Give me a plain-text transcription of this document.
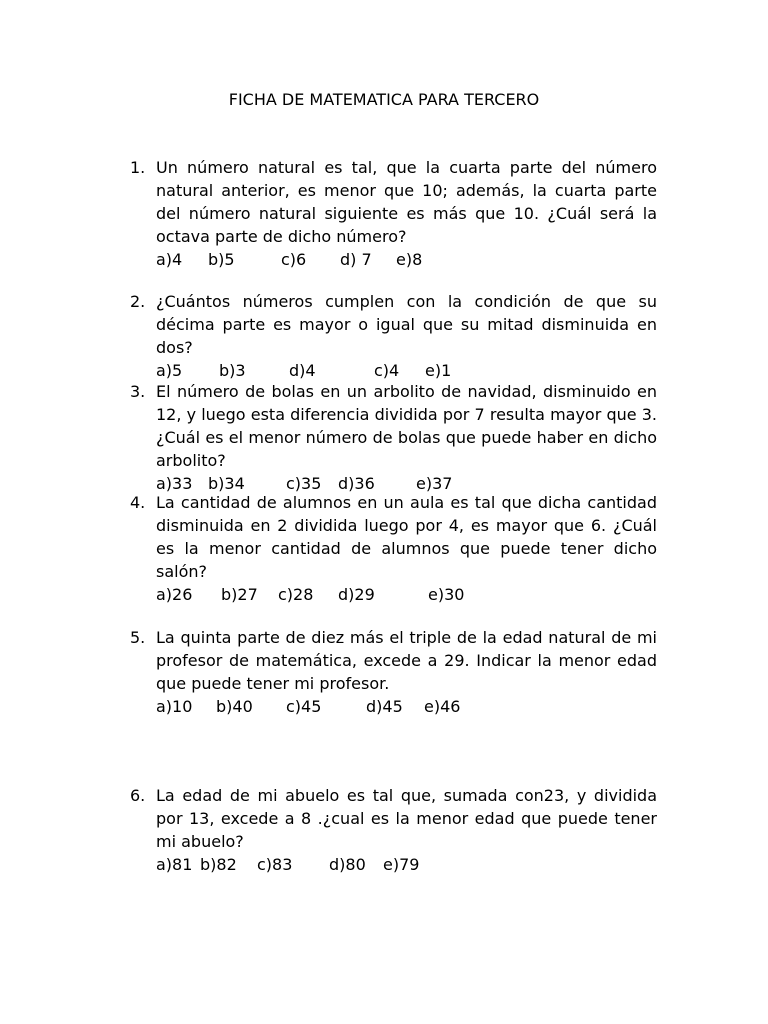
FICHA DE MATEMATICA PARA TERCERO
1. Un número natural es tal, que la cuarta parte del número natural anterior, es menor que 10; además, la cuarta parte del número natural siguiente es más que 10. ¿Cuál será la octava parte de dicho número?
a)4 b)5	c)6 d) 7 e)8
2. ¿Cuántos números cumplen con la condición de que su décima parte es mayor o igual que su mitad disminuida en dos?
a)5 b)3	d)4	c)4 e)1
3. El número de bolas en un arbolito de navidad, disminuido en 12, y luego esta diferencia dividida por 7 resulta mayor que 3. ¿Cuál es el menor número de bolas que puede haber en dicho arbolito?
a)33 b)34	c)35 d)36	e)37
4. La cantidad de alumnos en un aula es tal que dicha cantidad disminuida en 2 dividida luego por 4, es mayor que 6. ¿Cuál es la menor cantidad de alumnos que puede tener dicho salón?
a)26 b)27 c)28 d)29	e)30
5. La quinta parte de diez más el triple de la edad natural de mi profesor de matemática, excede a 29. Indicar la menor edad que puede tener mi profesor.
a)10 b)40 c)45	d)45 e)46
6. La edad de mi abuelo es tal que, sumada con23, y dividida por 13, excede a 8 .¿cual es la menor edad que puede tener mi abuelo?
a)81 b)82 c)83 d)80 e)79
